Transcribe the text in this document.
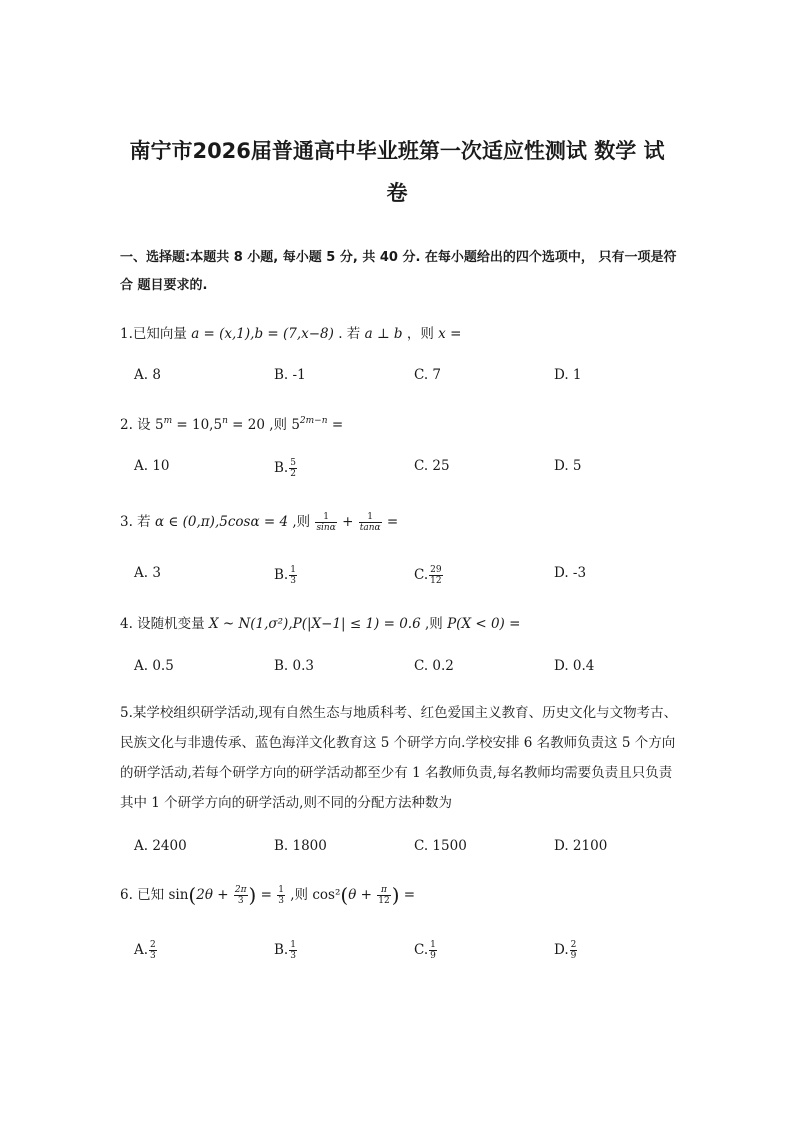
南宁市2026届普通高中毕业班第一次适应性测试 数学 试
卷
一、选择题:本题共 8 小题, 每小题 5 分, 共 40 分. 在每小题给出的四个选项中， 只有一项是符合 题目要求的.
1.已知向量 a = (x,1),b = (7,x−8) . 若 a ⊥ b ，则 x =
A. 8	B. -1	C. 7	D. 1
2. 设 $5^m = 10,5^n = 20$ ,则 $5^{2m-n}$ =
A. 10	B. $\frac{5}{2}$	C. 25	D. 5
3. 若 α ∈ (0,π),5cosα = 4 ,则 $\frac{1}{\sin\alpha} + \frac{1}{\tan\alpha}$ =
A. 3	B. $\frac{1}{3}$	C. $\frac{29}{12}$	D. -3
4. 设随机变量 X ~ N(1,σ²),P(|X−1| ≤ 1) = 0.6 ,则 P(X < 0) =
A. 0.5	B. 0.3	C. 0.2	D. 0.4
5.某学校组织研学活动,现有自然生态与地质科考、红色爱国主义教育、历史文化与文物考古、 民族文化与非遗传承、蓝色海洋文化教育这 5 个研学方向.学校安排 6 名教师负责这 5 个方向的研学活动,若每个研学方向的研学活动都至少有 1 名教师负责,每名教师均需要负责且只负责其中 1 个研学方向的研学活动,则不同的分配方法种数为
A. 2400	B. 1800	C. 1500	D. 2100
6. 已知 $\sin(2\theta + \frac{2\pi}{3}$ ) = $\frac{1}{3}$ ,则 $\cos^2(\theta + \frac{\pi}{12}$ ) =
A. $\frac{2}{3}$	B. $\frac{1}{3}$	C. $\frac{1}{9}$	D. $\frac{2}{9}$
